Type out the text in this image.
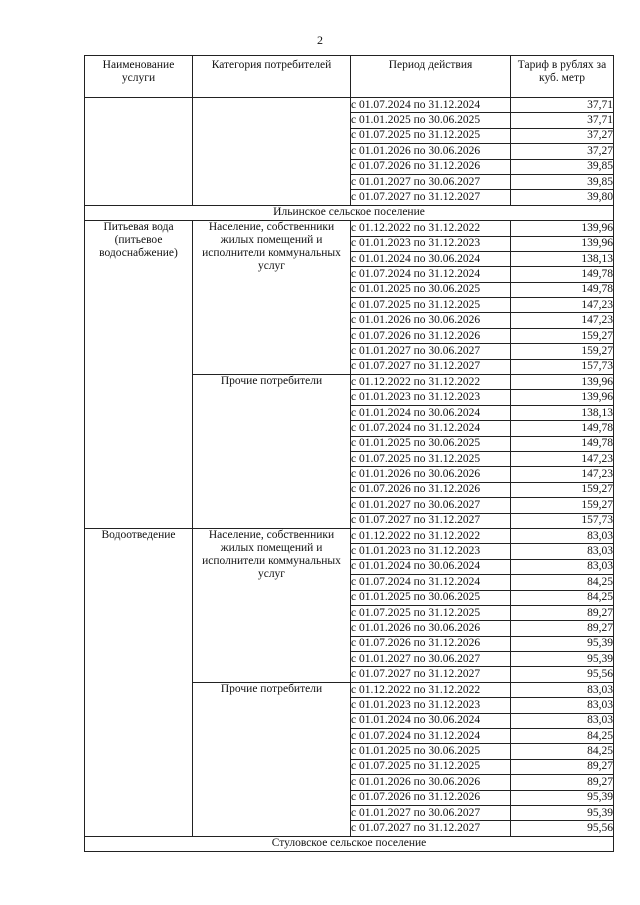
2
Наименование услуги	Категория потребителей	Период действия	Тариф в рублях за куб. метр
		с 01.07.2024 по 31.12.2024	37,71
		с 01.01.2025 по 30.06.2025	37,71
		с 01.07.2025 по 31.12.2025	37,27
		с 01.01.2026 по 30.06.2026	37,27
		с 01.07.2026 по 31.12.2026	39,85
		с 01.01.2027 по 30.06.2027	39,85
		с 01.07.2027 по 31.12.2027	39,80
Ильинское сельское поселение			
Питьевая вода (питьевое водоснабжение)	Население, собственники жилых помещений и исполнители коммунальных услуг	с 01.12.2022 по 31.12.2022	139,96
		с 01.01.2023 по 31.12.2023	139,96
		с 01.01.2024 по 30.06.2024	138,13
		с 01.07.2024 по 31.12.2024	149,78
		с 01.01.2025 по 30.06.2025	149,78
		с 01.07.2025 по 31.12.2025	147,23
		с 01.01.2026 по 30.06.2026	147,23
		с 01.07.2026 по 31.12.2026	159,27
		с 01.01.2027 по 30.06.2027	159,27
		с 01.07.2027 по 31.12.2027	157,73
	Прочие потребители	с 01.12.2022 по 31.12.2022	139,96
		с 01.01.2023 по 31.12.2023	139,96
		с 01.01.2024 по 30.06.2024	138,13
		с 01.07.2024 по 31.12.2024	149,78
		с 01.01.2025 по 30.06.2025	149,78
		с 01.07.2025 по 31.12.2025	147,23
		с 01.01.2026 по 30.06.2026	147,23
		с 01.07.2026 по 31.12.2026	159,27
		с 01.01.2027 по 30.06.2027	159,27
		с 01.07.2027 по 31.12.2027	157,73
Водоотведение	Население, собственники жилых помещений и исполнители коммунальных услуг	с 01.12.2022 по 31.12.2022	83,03
		с 01.01.2023 по 31.12.2023	83,03
		с 01.01.2024 по 30.06.2024	83,03
		с 01.07.2024 по 31.12.2024	84,25
		с 01.01.2025 по 30.06.2025	84,25
		с 01.07.2025 по 31.12.2025	89,27
		с 01.01.2026 по 30.06.2026	89,27
		с 01.07.2026 по 31.12.2026	95,39
		с 01.01.2027 по 30.06.2027	95,39
		с 01.07.2027 по 31.12.2027	95,56
	Прочие потребители	с 01.12.2022 по 31.12.2022	83,03
		с 01.01.2023 по 31.12.2023	83,03
		с 01.01.2024 по 30.06.2024	83,03
		с 01.07.2024 по 31.12.2024	84,25
		с 01.01.2025 по 30.06.2025	84,25
		с 01.07.2025 по 31.12.2025	89,27
		с 01.01.2026 по 30.06.2026	89,27
		с 01.07.2026 по 31.12.2026	95,39
		с 01.01.2027 по 30.06.2027	95,39
		с 01.07.2027 по 31.12.2027	95,56
Стуловское сельское поселение			
